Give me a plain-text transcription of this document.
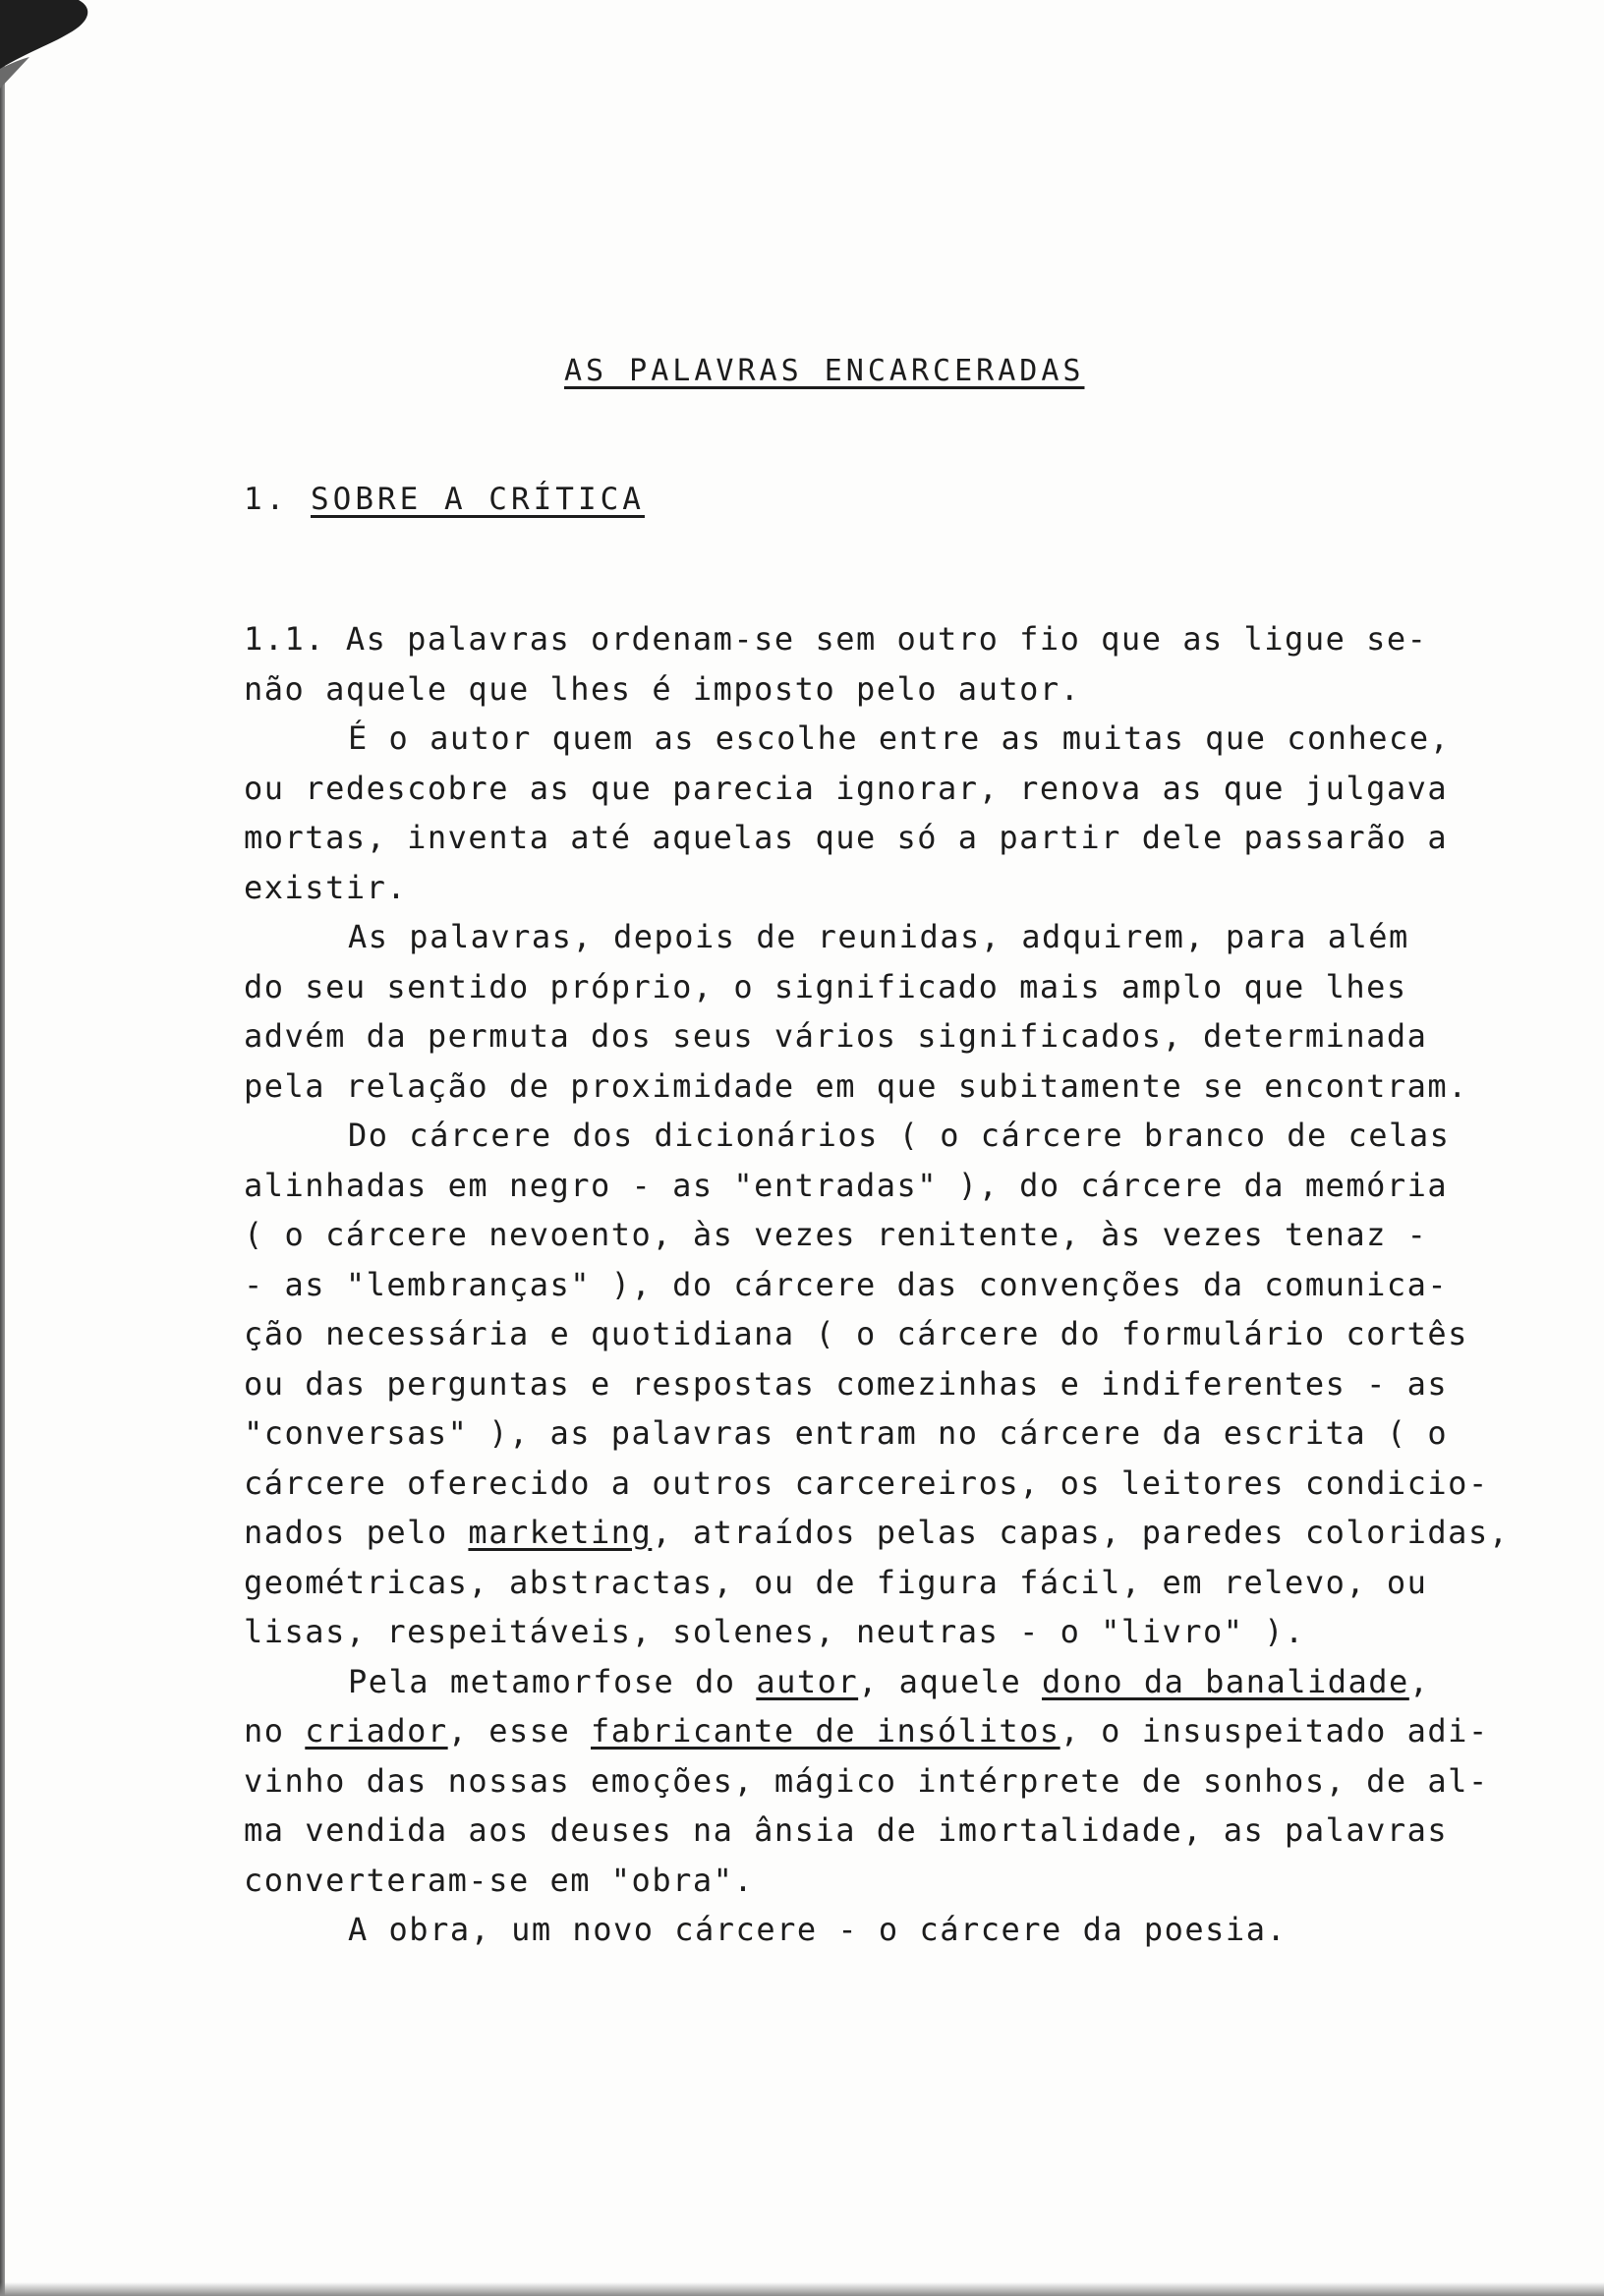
AS PALAVRAS ENCARCERADAS
1. SOBRE A CRÍTICA

1.1. As palavras ordenam-se sem outro fio que as ligue se-
não aquele que lhes é imposto pelo autor.

É o autor quem as escolhe entre as muitas que conhece,
ou redescobre as que parecia ignorar, renova as que julgava
mortas, inventa até aquelas que só a partir dele passarão a
existir.

As palavras, depois de reunidas, adquirem, para além
do seu sentido próprio, o significado mais amplo que lhes
advém da permuta dos seus vários significados, determinada
pela relação de proximidade em que subitamente se encontram.

Do cárcere dos dicionários ( o cárcere branco de celas
alinhadas em negro - as "entradas" ), do cárcere da memória
( o cárcere nevoento, às vezes renitente, às vezes tenaz -
- as "lembranças" ), do cárcere das convenções da comunica-
ção necessária e quotidiana ( o cárcere do formulário cortês
ou das perguntas e respostas comezinhas e indiferentes - as
"conversas" ), as palavras entram no cárcere da escrita ( o
cárcere oferecido a outros carcereiros, os leitores condicio-
nados pelo marketing, atraídos pelas capas, paredes coloridas,
geométricas, abstractas, ou de figura fácil, em relevo, ou
lisas, respeitáveis, solenes, neutras - o "livro" ).

Pela metamorfose do autor, aquele dono da banalidade,
no criador, esse fabricante de insólitos, o insuspeitado adi-
vinho das nossas emoções, mágico intérprete de sonhos, de al-
ma vendida aos deuses na ânsia de imortalidade, as palavras
converteram-se em "obra".

A obra, um novo cárcere - o cárcere da poesia.
